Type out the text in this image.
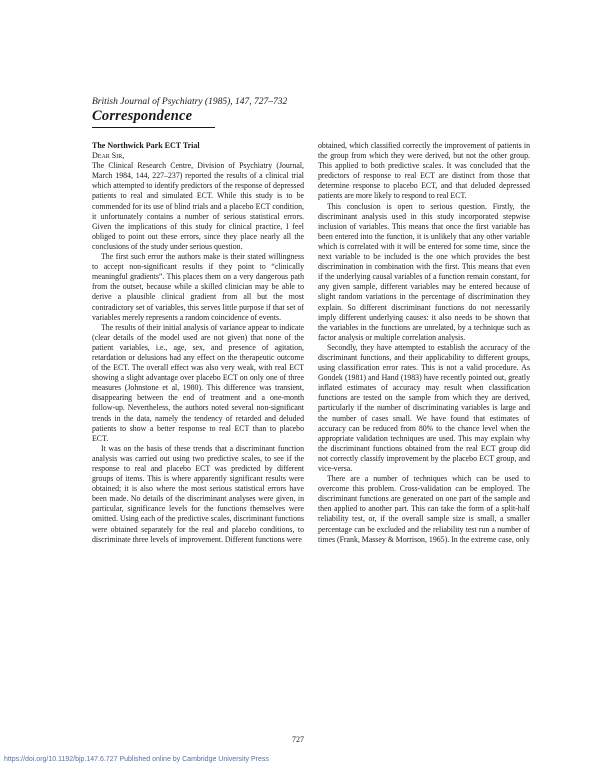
British Journal of Psychiatry (1985), 147, 727–732
Correspondence

The Northwick Park ECT Trial

Dear Sir,

The Clinical Research Centre, Division of Psychiatry (Journal, March 1984, 144, 227–237) reported the results of a clinical trial which attempted to identify predictors of the response of depressed patients to real and simulated ECT. While this study is to be commended for its use of blind trials and a placebo ECT condition, it unfortunately contains a number of serious statistical errors. Given the implications of this study for clinical practice, I feel obliged to point out these errors, since they place nearly all the conclusions of the study under serious question.

The first such error the authors make is their stated willingness to accept non-significant results if they point to “clinically meaningful gradients”. This places them on a very dangerous path from the outset, because while a skilled clinician may be able to derive a plausible clinical gradient from all but the most contradictory set of variables, this serves little purpose if that set of variables merely represents a random coincidence of events.

The results of their initial analysis of variance appear to indicate (clear details of the model used are not given) that none of the patient variables, i.e., age, sex, and presence of agitation, retardation or delusions had any effect on the therapeutic outcome of the ECT. The overall effect was also very weak, with real ECT showing a slight advantage over placebo ECT on only one of three measures (Johnstone et al, 1980). This difference was transient, disappearing between the end of treatment and a one-month follow-up. Nevertheless, the authors noted several non-significant trends in the data, namely the tendency of retarded and deluded patients to show a better response to real ECT than to placebo ECT.

It was on the basis of these trends that a discriminant function analysis was carried out using two predictive scales, to see if the response to real and placebo ECT was predicted by different groups of items. This is where apparently significant results were obtained; it is also where the most serious statistical errors have been made. No details of the discriminant analyses were given, in particular, significance levels for the functions themselves were omitted. Using each of the predictive scales, discriminant functions were obtained separately for the real and placebo conditions, to discriminate three levels of improvement. Different functions were

obtained, which classified correctly the improvement of patients in the group from which they were derived, but not the other group. This applied to both predictive scales. It was concluded that the predictors of response to real ECT are distinct from those that determine response to placebo ECT, and that deluded depressed patients are more likely to respond to real ECT.

This conclusion is open to serious question. Firstly, the discriminant analysis used in this study incorporated stepwise inclusion of variables. This means that once the first variable has been entered into the function, it is unlikely that any other variable which is correlated with it will be entered for some time, since the next variable to be included is the one which provides the best discrimination in combination with the first. This means that even if the underlying causal variables of a function remain constant, for any given sample, different variables may be entered because of slight random variations in the percentage of discrimination they explain. So different discriminant functions do not necessarily imply different underlying causes: it also needs to be shown that the variables in the functions are unrelated, by a technique such as factor analysis or multiple correlation analysis.

Secondly, they have attempted to establish the accuracy of the discriminant functions, and their applicability to different groups, using classification error rates. This is not a valid procedure. As Gondek (1981) and Hand (1983) have recently pointed out, greatly inflated estimates of accuracy may result when classification functions are tested on the sample from which they are derived, particularly if the number of discriminating variables is large and the number of cases small. We have found that estimates of accuracy can be reduced from 80% to the chance level when the appropriate validation techniques are used. This may explain why the discriminant functions obtained from the real ECT group did not correctly classify improvement by the placebo ECT group, and vice-versa.

There are a number of techniques which can be used to overcome this problem. Cross-validation can be employed. The discriminant functions are generated on one part of the sample and then applied to another part. This can take the form of a split-half reliability test, or, if the overall sample size is small, a smaller percentage can be excluded and the reliability test run a number of times (Frank, Massey & Morrison, 1965). In the extreme case, only

727
https://doi.org/10.1192/bjp.147.6.727 Published online by Cambridge University Press
